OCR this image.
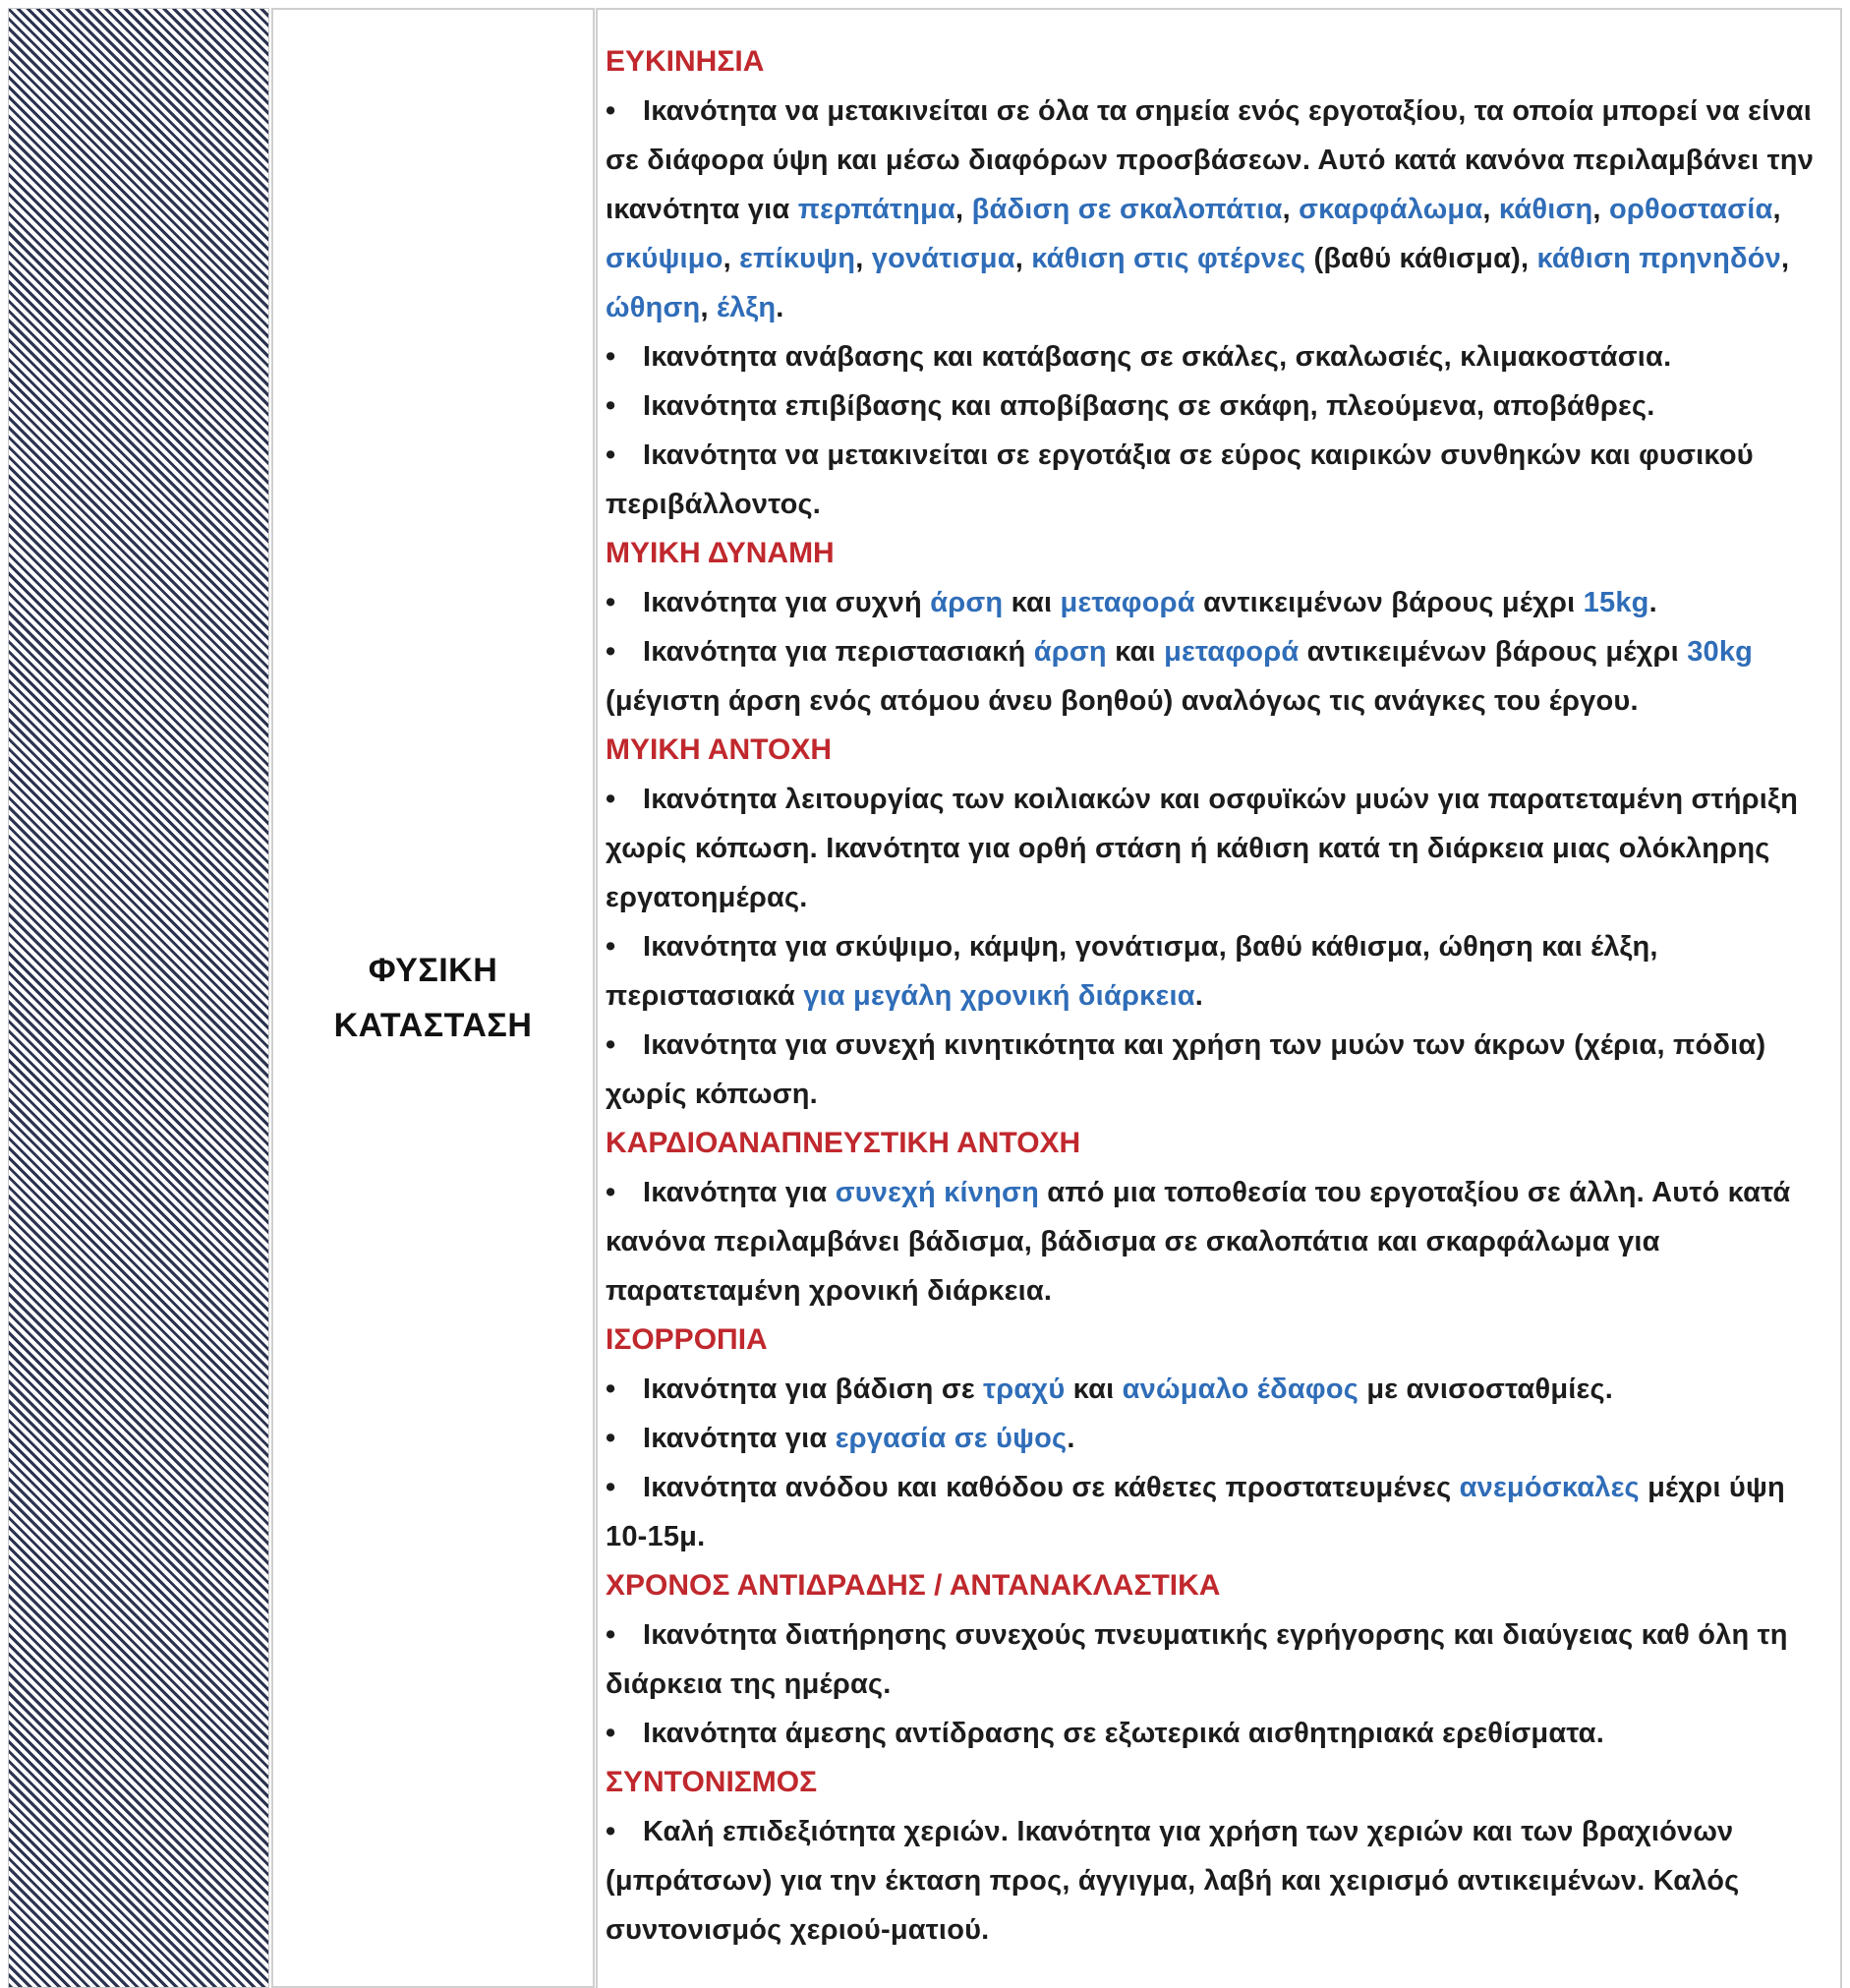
ΦΥΣΙΚΗ
ΚΑΤΑΣΤΑΣΗ
ΕΥΚΙΝΗΣΙΑ
• Ικανότητα να μετακινείται σε όλα τα σημεία ενός εργοταξίου, τα οποία μπορεί να είναι σε διάφορα ύψη και μέσω διαφόρων προσβάσεων. Αυτό κατά κανόνα περιλαμβάνει την ικανότητα για περπάτημα, βάδιση σε σκαλοπάτια, σκαρφάλωμα, κάθιση, ορθοστασία, σκύψιμο, επίκυψη, γονάτισμα, κάθιση στις φτέρνες (βαθύ κάθισμα), κάθιση πρηνηδόν, ώθηση, έλξη.
• Ικανότητα ανάβασης και κατάβασης σε σκάλες, σκαλωσιές, κλιμακοστάσια.
• Ικανότητα επιβίβασης και αποβίβασης σε σκάφη, πλεούμενα, αποβάθρες.
• Ικανότητα να μετακινείται σε εργοτάξια σε εύρος καιρικών συνθηκών και φυσικού περιβάλλοντος.
ΜΥΙΚΗ ΔΥΝΑΜΗ
• Ικανότητα για συχνή άρση και μεταφορά αντικειμένων βάρους μέχρι 15kg.
• Ικανότητα για περιστασιακή άρση και μεταφορά αντικειμένων βάρους μέχρι 30kg (μέγιστη άρση ενός ατόμου άνευ βοηθού) αναλόγως τις ανάγκες του έργου.
ΜΥΙΚΗ ΑΝΤΟΧΗ
• Ικανότητα λειτουργίας των κοιλιακών και οσφυϊκών μυών για παρατεταμένη στήριξη χωρίς κόπωση. Ικανότητα για ορθή στάση ή κάθιση κατά τη διάρκεια μιας ολόκληρης εργατοημέρας.
• Ικανότητα για σκύψιμο, κάμψη, γονάτισμα, βαθύ κάθισμα, ώθηση και έλξη, περιστασιακά για μεγάλη χρονική διάρκεια.
• Ικανότητα για συνεχή κινητικότητα και χρήση των μυών των άκρων (χέρια, πόδια) χωρίς κόπωση.
ΚΑΡΔΙΟΑΝΑΠΝΕΥΣΤΙΚΗ ΑΝΤΟΧΗ
• Ικανότητα για συνεχή κίνηση από μια τοποθεσία του εργοταξίου σε άλλη. Αυτό κατά κανόνα περιλαμβάνει βάδισμα, βάδισμα σε σκαλοπάτια και σκαρφάλωμα για παρατεταμένη χρονική διάρκεια.
ΙΣΟΡΡΟΠΙΑ
• Ικανότητα για βάδιση σε τραχύ και ανώμαλο έδαφος με ανισοσταθμίες.
• Ικανότητα για εργασία σε ύψος.
• Ικανότητα ανόδου και καθόδου σε κάθετες προστατευμένες ανεμόσκαλες μέχρι ύψη 10-15μ.
ΧΡΟΝΟΣ ΑΝΤΙΔΡΑΔΗΣ / ΑΝΤΑΝΑΚΛΑΣΤΙΚΑ
• Ικανότητα διατήρησης συνεχούς πνευματικής εγρήγορσης και διαύγειας καθ όλη τη διάρκεια της ημέρας.
• Ικανότητα άμεσης αντίδρασης σε εξωτερικά αισθητηριακά ερεθίσματα.
ΣΥΝΤΟΝΙΣΜΟΣ
• Καλή επιδεξιότητα χεριών. Ικανότητα για χρήση των χεριών και των βραχιόνων (μπράτσων) για την έκταση προς, άγγιγμα, λαβή και χειρισμό αντικειμένων. Καλός συντονισμός χεριού-ματιού.
